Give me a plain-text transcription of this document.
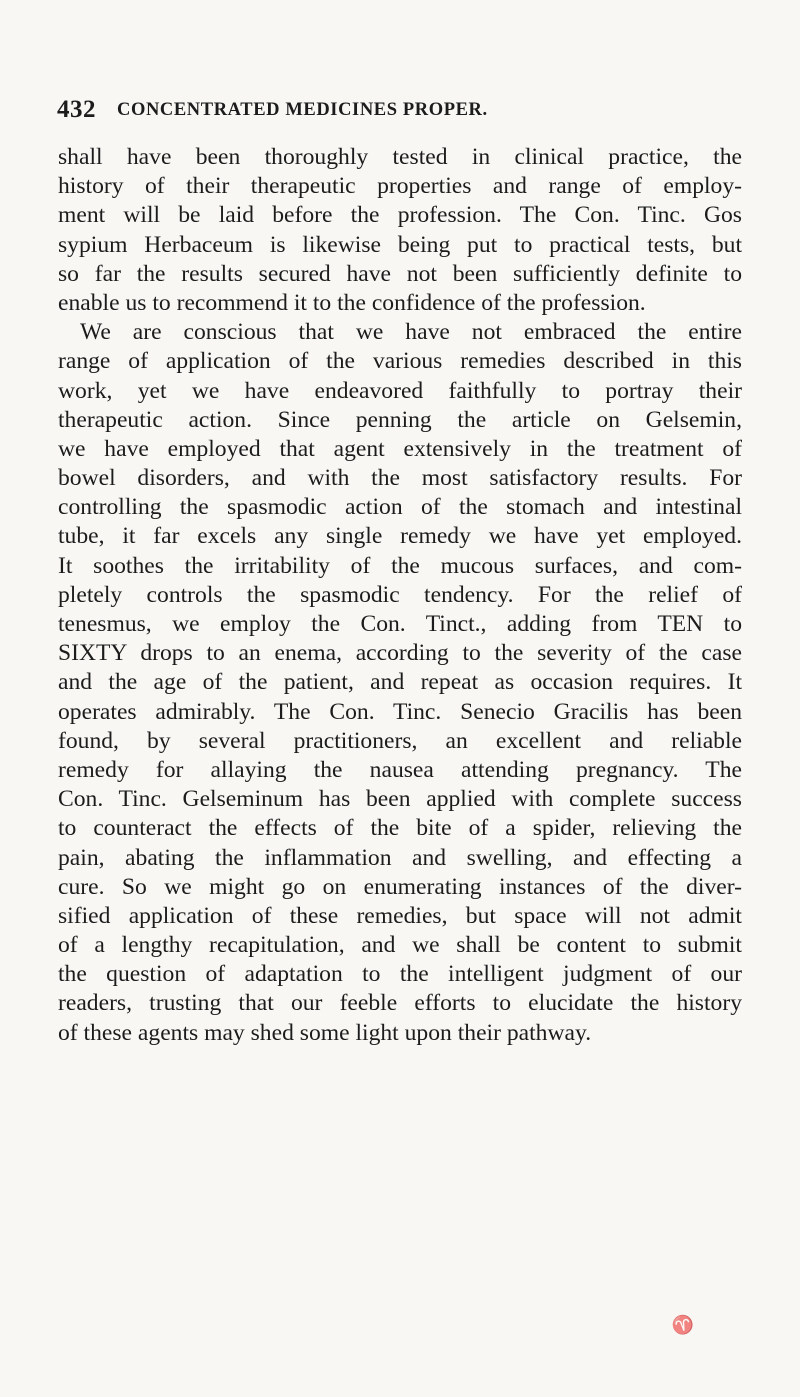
432 CONCENTRATED MEDICINES PROPER.
shall have been thoroughly tested in clinical practice, the
history of their therapeutic properties and range of employ-
ment will be laid before the profession. The Con. Tinc. Gos
sypium Herbaceum is likewise being put to practical tests, but
so far the results secured have not been sufficiently definite to
enable us to recommend it to the confidence of the profession.
We are conscious that we have not embraced the entire
range of application of the various remedies described in this
work, yet we have endeavored faithfully to portray their
therapeutic action. Since penning the article on Gelsemin,
we have employed that agent extensively in the treatment of
bowel disorders, and with the most satisfactory results. For
controlling the spasmodic action of the stomach and intestinal
tube, it far excels any single remedy we have yet employed.
It soothes the irritability of the mucous surfaces, and com-
pletely controls the spasmodic tendency. For the relief of
tenesmus, we employ the Con. Tinct., adding from TEN to
SIXTY drops to an enema, according to the severity of the case
and the age of the patient, and repeat as occasion requires. It
operates admirably. The Con. Tinc. Senecio Gracilis has been
found, by several practitioners, an excellent and reliable
remedy for allaying the nausea attending pregnancy. The
Con. Tinc. Gelseminum has been applied with complete success
to counteract the effects of the bite of a spider, relieving the
pain, abating the inflammation and swelling, and effecting a
cure. So we might go on enumerating instances of the diver-
sified application of these remedies, but space will not admit
of a lengthy recapitulation, and we shall be content to submit
the question of adaptation to the intelligent judgment of our
readers, trusting that our feeble efforts to elucidate the history
of these agents may shed some light upon their pathway.
♈
